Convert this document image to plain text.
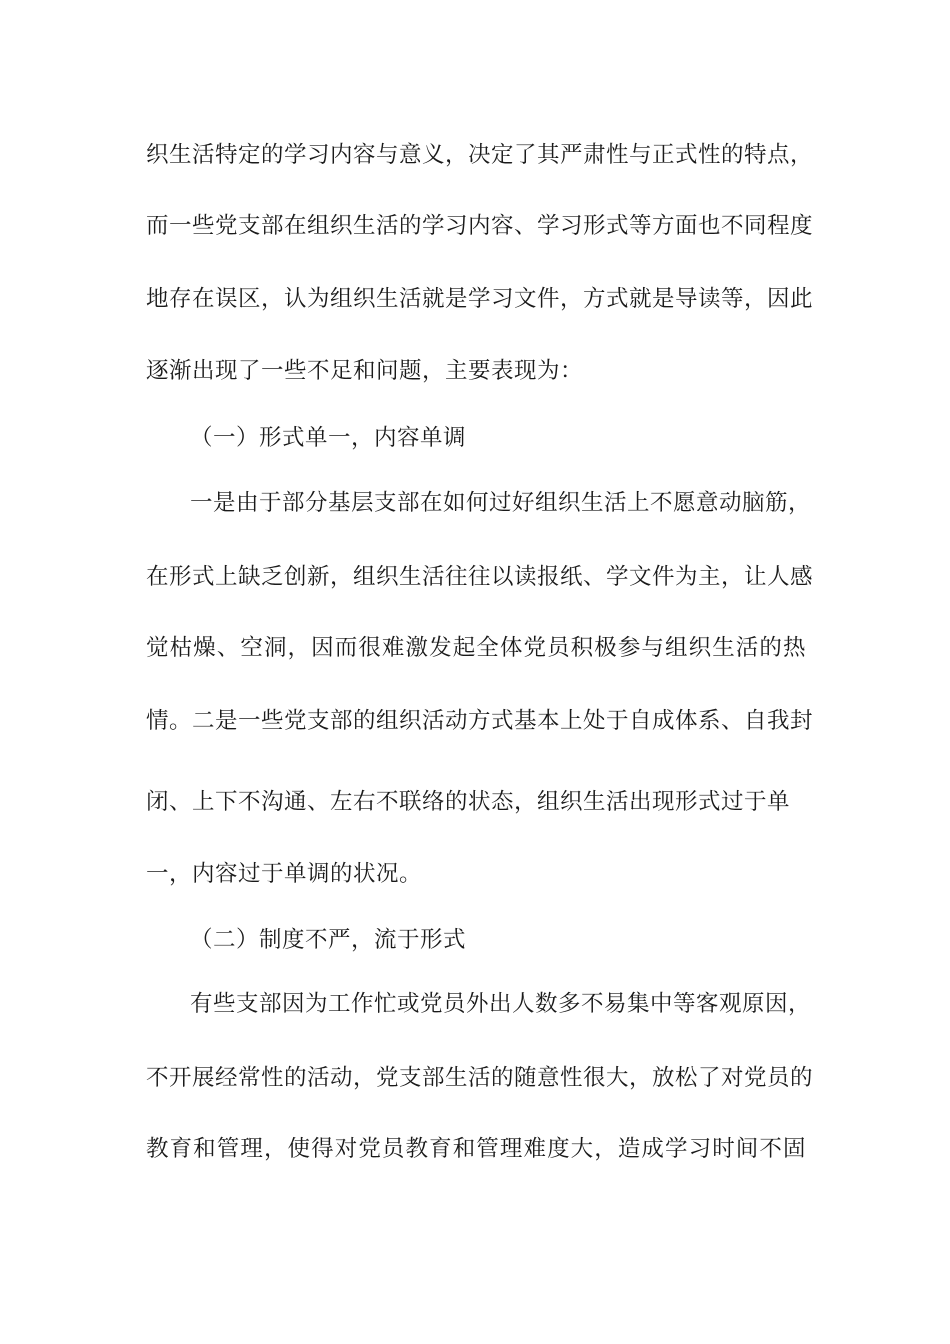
织生活特定的学习内容与意义，决定了其严肃性与正式性的特点，
而一些党支部在组织生活的学习内容、学习形式等方面也不同程度
地存在误区，认为组织生活就是学习文件，方式就是导读等，因此
逐渐出现了一些不足和问题，主要表现为：
（一）形式单一，内容单调
一是由于部分基层支部在如何过好组织生活上不愿意动脑筋，
在形式上缺乏创新，组织生活往往以读报纸、学文件为主，让人感
觉枯燥、空洞，因而很难激发起全体党员积极参与组织生活的热
情。二是一些党支部的组织活动方式基本上处于自成体系、自我封
闭、上下不沟通、左右不联络的状态，组织生活出现形式过于单
一，内容过于单调的状况。
（二）制度不严，流于形式
有些支部因为工作忙或党员外出人数多不易集中等客观原因，
不开展经常性的活动，党支部生活的随意性很大，放松了对党员的
教育和管理，使得对党员教育和管理难度大，造成学习时间不固
